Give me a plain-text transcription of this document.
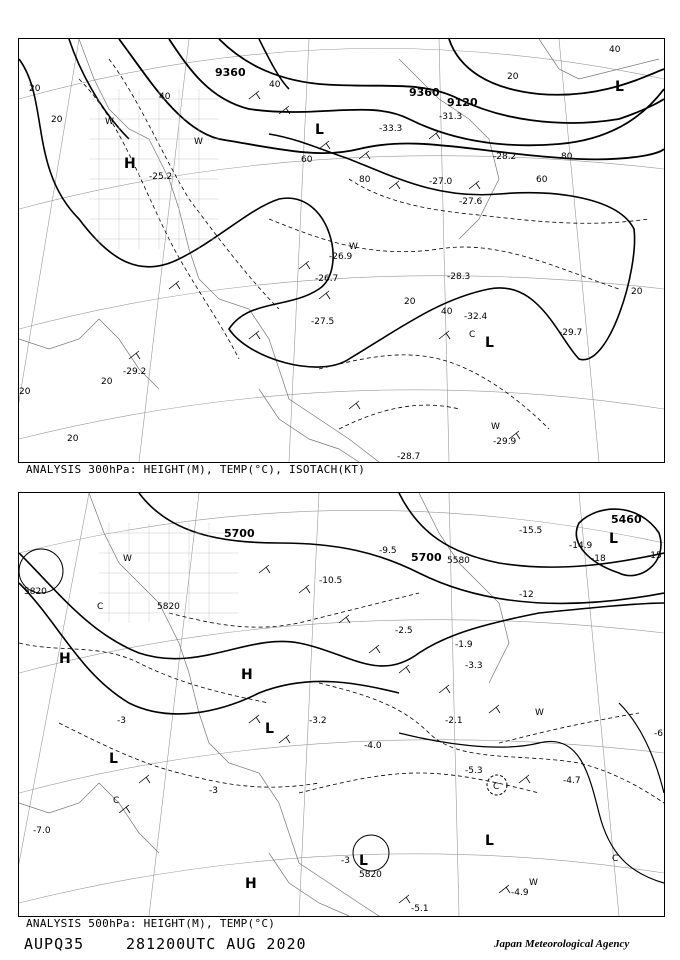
9360
9360
9120
20
40
40
60
80
20
20
40
20
20
60
80
40
20
20
20
H
L
L
C L
W
W
W
W
-27.5
-26.9
-28.3
-29.7
-32.4
-28.2
-27.0
-26.7
-29.9
-28.7
-33.3
-31.3
-25.2
-27.6
-29.2
ANALYSIS 300hPa: HEIGHT(M), TEMP(°C), ISOTACH(KT)
5700
5700
5460
5820
5820
5820
5580
-3
-3
-3
-6
-12
-15
-18
H
H
H
L
L
L
L
L
C
C
C
C
W
W
W
-5.3
-4.9
-5.1
-4.7
-3.3
-2.1
-1.9
-9.5
-10.5
-15.5
-14.9
-7.0
-3.2
-4.0
-2.5
ANALYSIS 500hPa: HEIGHT(M), TEMP(°C)
AUPQ35	281200UTC AUG 2020	Japan Meteorological Agency
